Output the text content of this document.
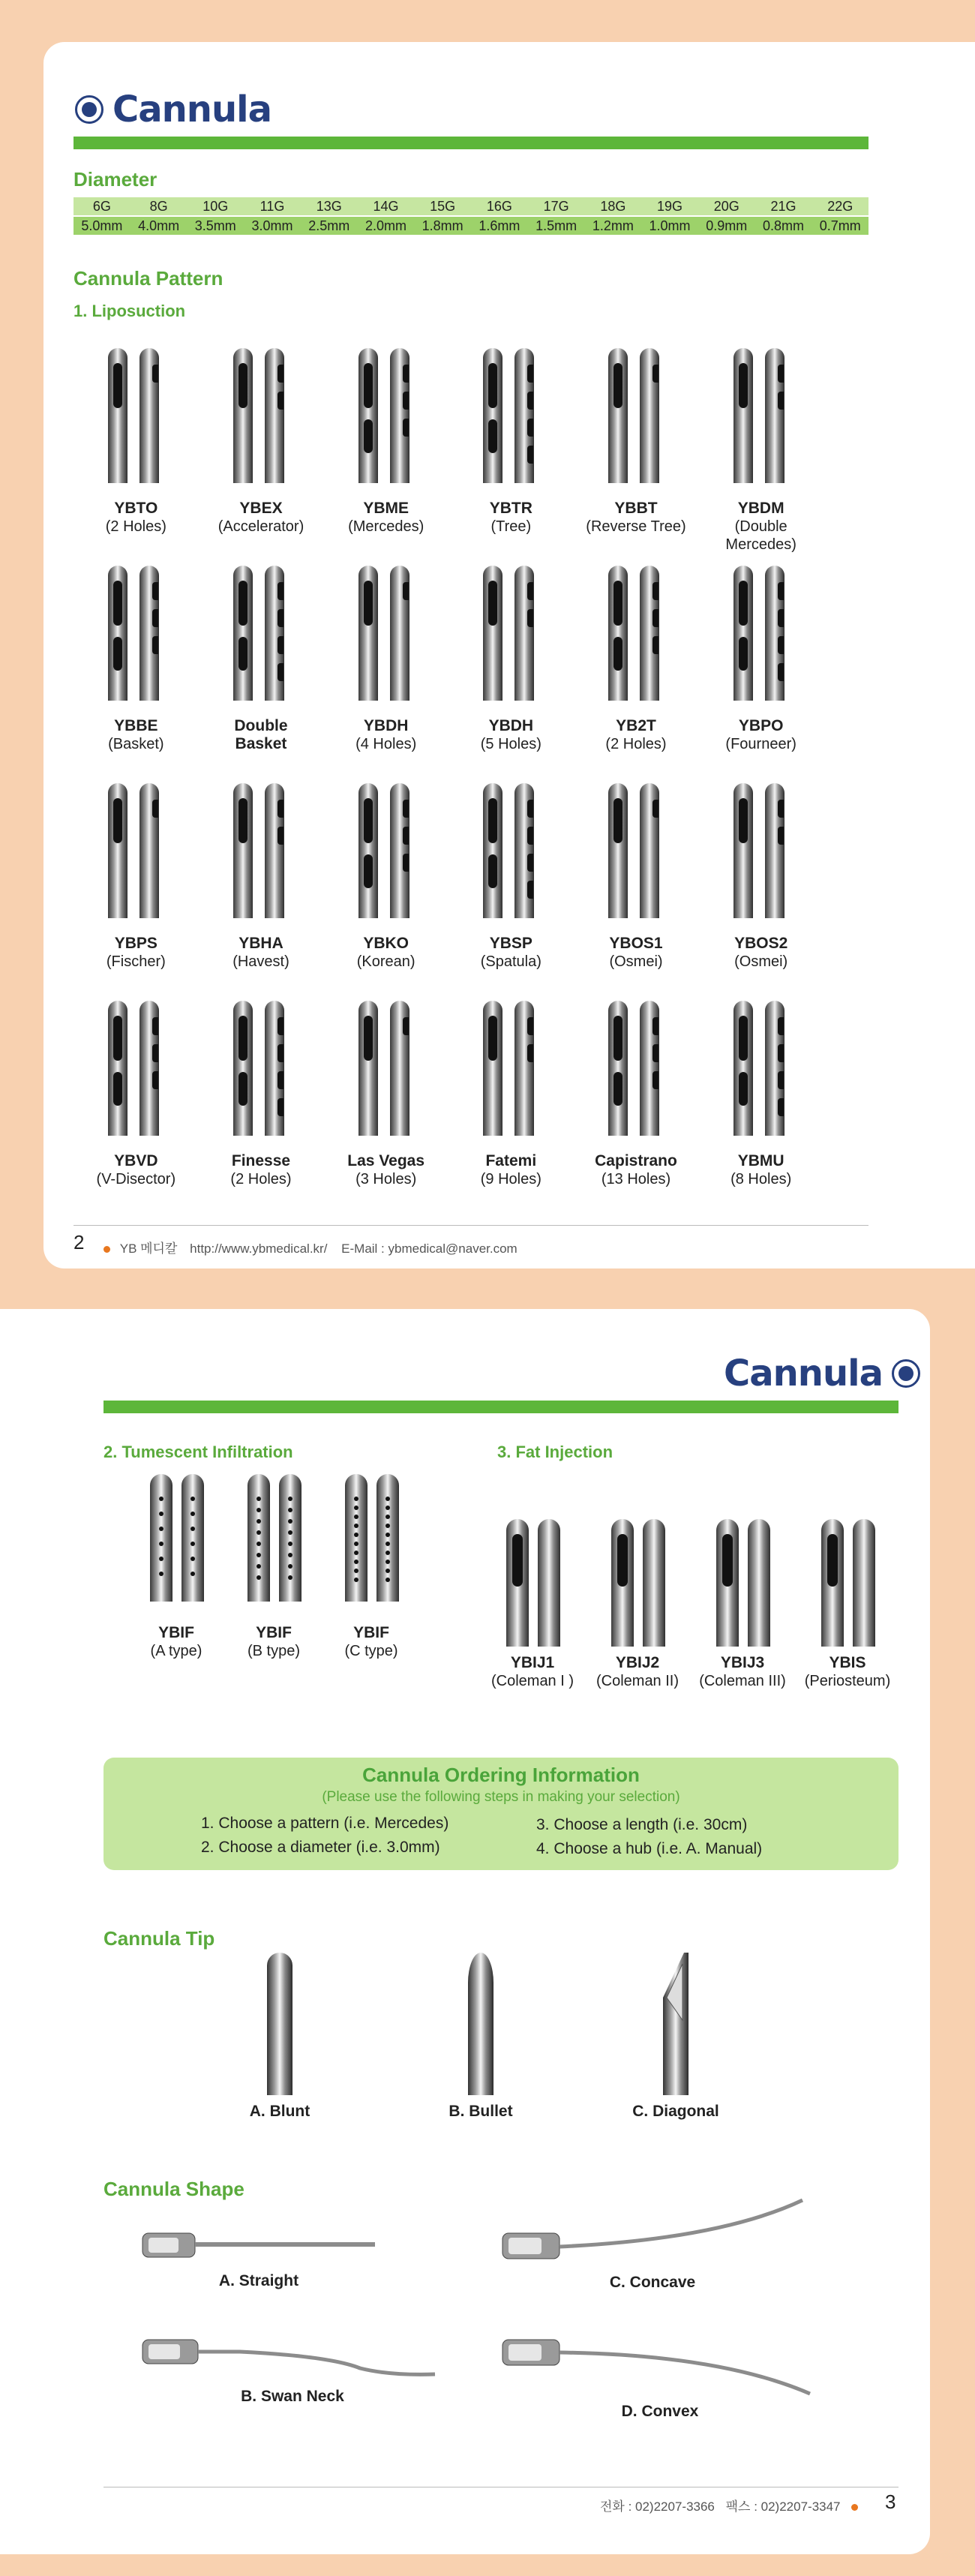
Cannula
Diameter
6G	8G	10G	11G	13G	14G	15G	16G	17G	18G	19G	20G	21G	22G
5.0mm	4.0mm	3.5mm	3.0mm	2.5mm	2.0mm	1.8mm	1.6mm	1.5mm	1.2mm	1.0mm	0.9mm	0.8mm	0.7mm
Cannula Pattern
1. Liposuction
YBTO
(2 Holes)
YBEX
(Accelerator)
YBME
(Mercedes)
YBTR
(Tree)
YBBT
(Reverse Tree)
YBDM
(Double Mercedes)
YBBE
(Basket)
Double Basket
YBDH
(4 Holes)
YBDH
(5 Holes)
YB2T
(2 Holes)
YBPO
(Fourneer)
YBPS
(Fischer)
YBHA
(Havest)
YBKO
(Korean)
YBSP
(Spatula)
YBOS1
(Osmei)
YBOS2
(Osmei)
YBVD
(V-Disector)
Finesse
(2 Holes)
Las Vegas
(3 Holes)
Fatemi
(9 Holes)
Capistrano
(13 Holes)
YBMU
(8 Holes)
2	YB 메디칼 http://www.ybmedical.kr/ E-Mail : ybmedical@naver.com
Cannula
2. Tumescent Infiltration	3. Fat Injection
YBIF
(A type)
YBIF
(B type)
YBIF
(C type)
YBIJ1
(Coleman I )
YBIJ2
(Coleman II)
YBIJ3
(Coleman III)
YBIS
(Periosteum)
Cannula Ordering Information
(Please use the following steps in making your selection)
1. Choose a pattern (i.e. Mercedes)
2. Choose a diameter (i.e. 3.0mm)
3. Choose a length (i.e. 30cm)
4. Choose a hub (i.e. A. Manual)
Cannula Tip
A. Blunt	B. Bullet	C. Diagonal
Cannula Shape
A. Straight	C. Concave
B. Swan Neck
D. Convex
전화 : 02)2207-3366 팩스 : 02)2207-3347	3
